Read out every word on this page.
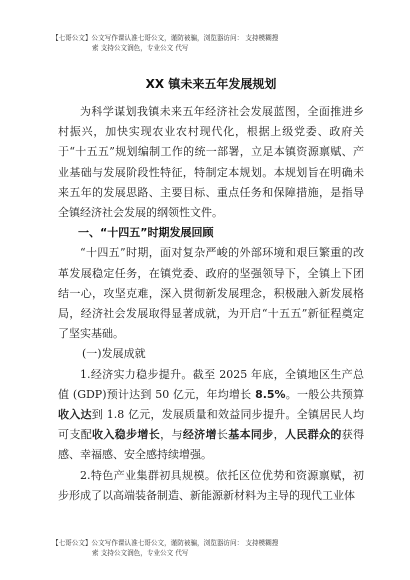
【七哥公文】公文写作课认准七哥公文，谨防被骗，浏览器访问： 支持模糊搜
索 支持公文润色，专业公文 代写

XX 镇未来五年发展规划

为科学谋划我镇未来五年经济社会发展蓝图，全面推进乡村振兴，加快实现农业农村现代化，根据上级党委、政府关于“十五五”规划编制工作的统一部署，立足本镇资源禀赋、产业基础与发展阶段性特征，特制定本规划。本规划旨在明确未来五年的发展思路、主要目标、重点任务和保障措施，是指导全镇经济社会发展的纲领性文件。

一、“十四五”时期发展回顾

“十四五”时期，面对复杂严峻的外部环境和艰巨繁重的改革发展稳定任务，在镇党委、政府的坚强领导下，全镇上下团结一心，攻坚克难，深入贯彻新发展理念，积极融入新发展格局，经济社会发展取得显著成就，为开启“十五五”新征程奠定了坚实基础。

(一)发展成就

1.经济实力稳步提升。截至 2025 年底，全镇地区生产总值 (GDP)预计达到 50 亿元，年均增长 8.5%。一般公共预算收入达到 1.8 亿元，发展质量和效益同步提升。全镇居民人均可支配收入稳步增长，与经济增长基本同步，人民群众的获得感、幸福感、安全感持续增强。

2.特色产业集群初具规模。依托区位优势和资源禀赋，初步形成了以高端装备制造、新能源新材料为主导的现代工业体

【七哥公文】公文写作课认准七哥公文，谨防被骗，浏览器访问： 支持模糊搜
索 支持公文润色，专业公文 代写
